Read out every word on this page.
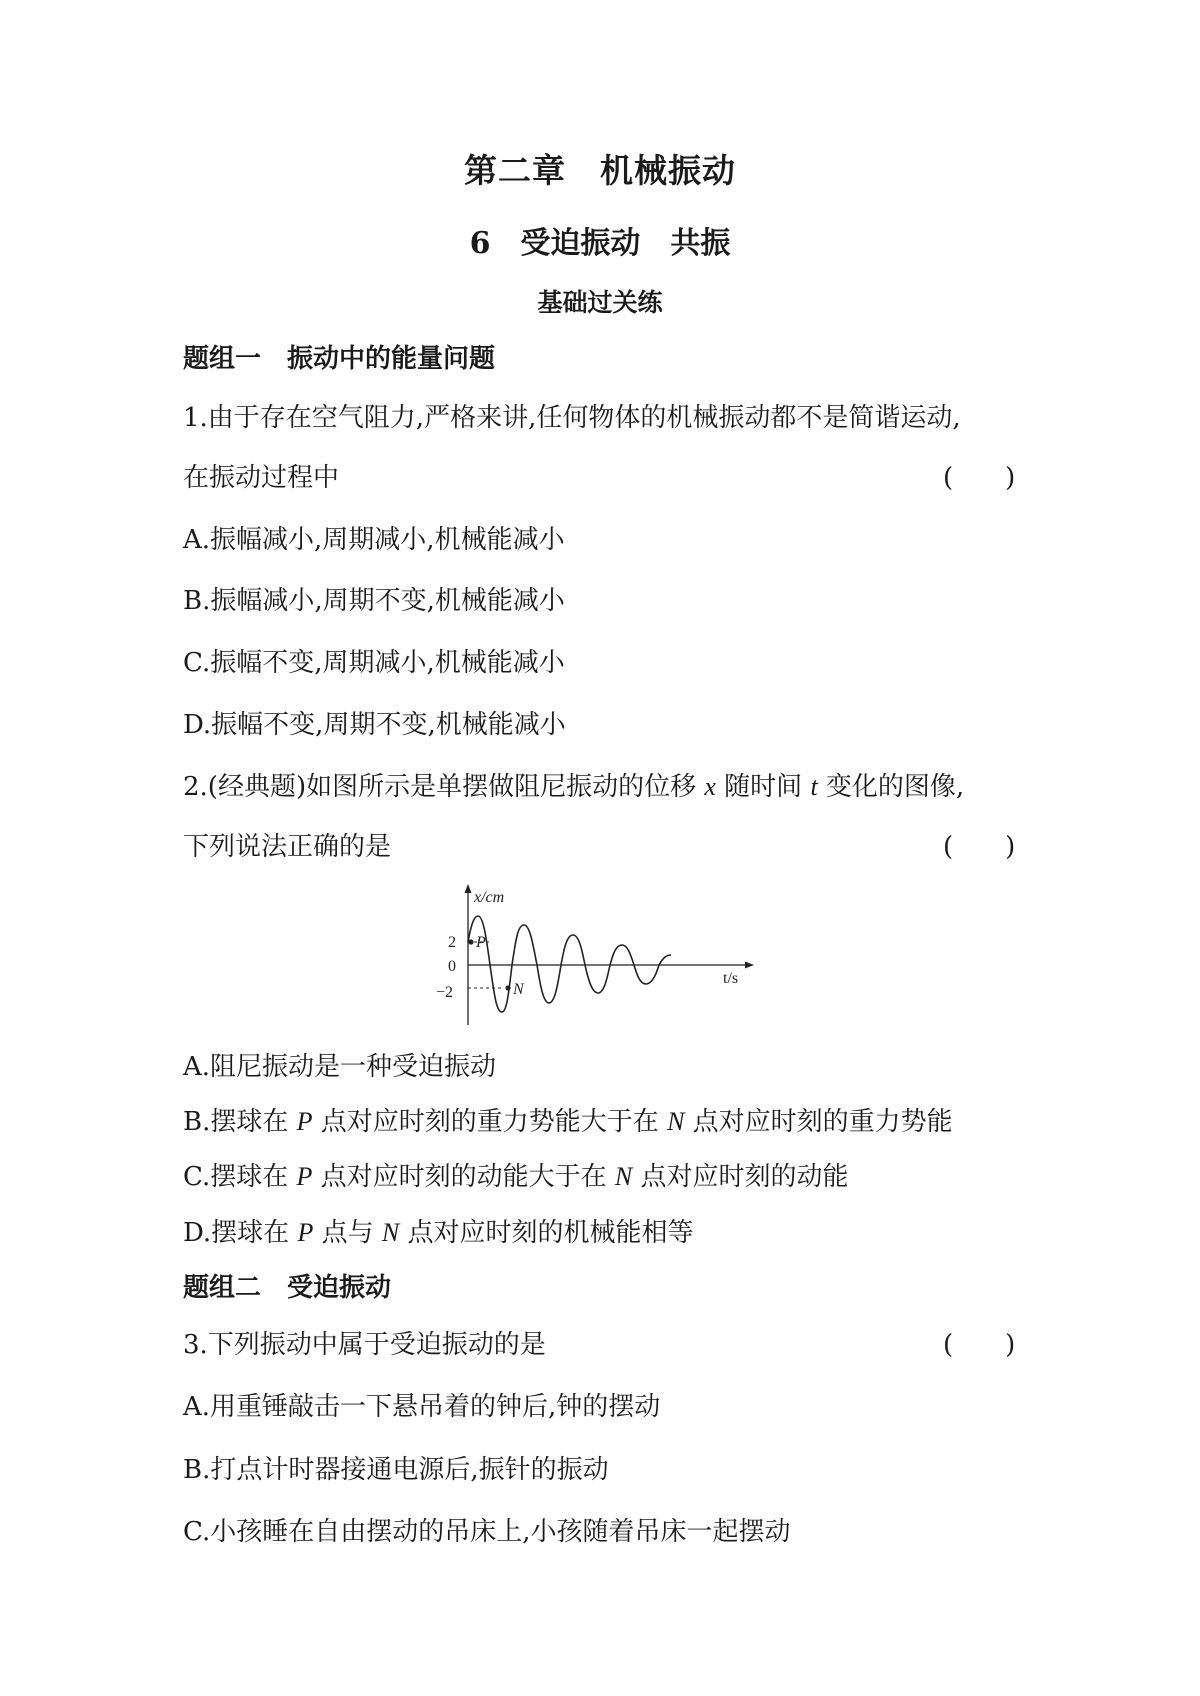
第二章　机械振动
6　受迫振动　共振
基础过关练
题组一　振动中的能量问题
1.由于存在空气阻力,严格来讲,任何物体的机械振动都不是简谐运动,
在振动过程中	(　　)
A.振幅减小,周期减小,机械能减小
B.振幅减小,周期不变,机械能减小
C.振幅不变,周期减小,机械能减小
D.振幅不变,周期不变,机械能减小
2.(经典题)如图所示是单摆做阻尼振动的位移 x 随时间 t 变化的图像,
下列说法正确的是	(　　)
x/cm
t/s
2
0
−2
P
N
A.阻尼振动是一种受迫振动
B.摆球在 P 点对应时刻的重力势能大于在 N 点对应时刻的重力势能
C.摆球在 P 点对应时刻的动能大于在 N 点对应时刻的动能
D.摆球在 P 点与 N 点对应时刻的机械能相等
题组二　受迫振动
3.下列振动中属于受迫振动的是	(　　)
A.用重锤敲击一下悬吊着的钟后,钟的摆动
B.打点计时器接通电源后,振针的振动
C.小孩睡在自由摆动的吊床上,小孩随着吊床一起摆动
